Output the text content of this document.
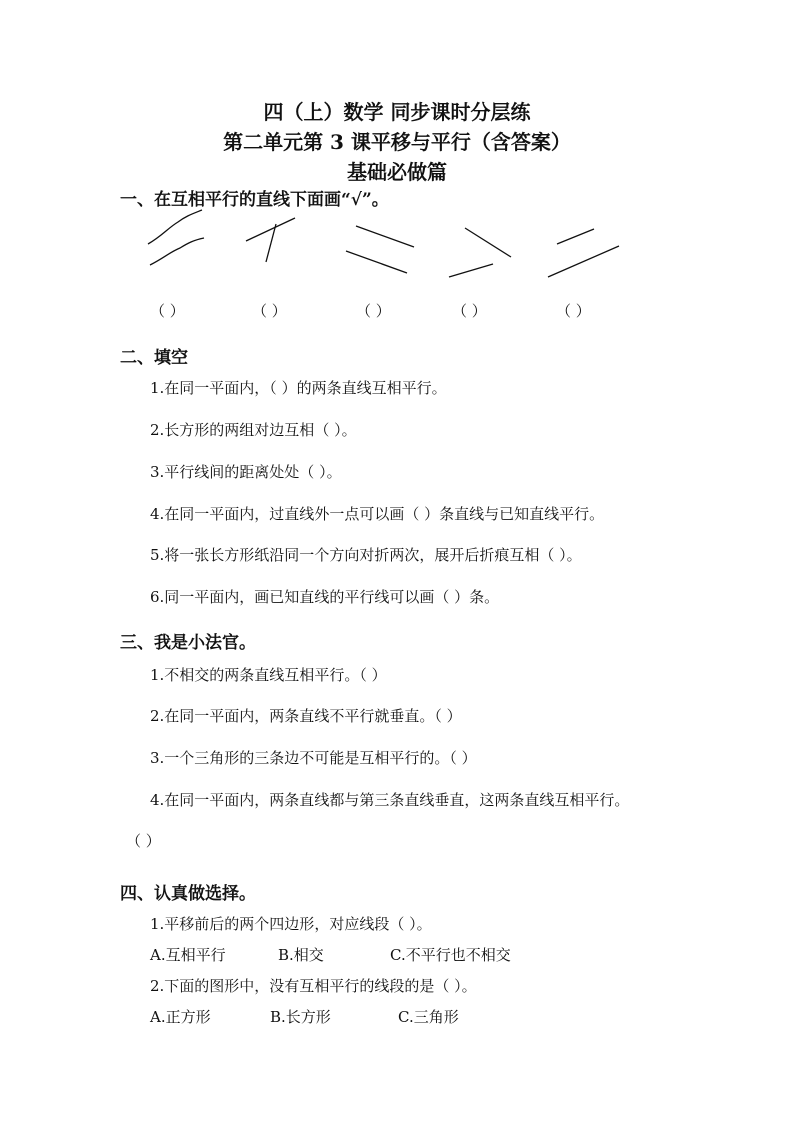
四（上）数学 同步课时分层练
第二单元第 3 课平移与平行（含答案）
基础必做篇
一、在互相平行的直线下面画“√”。
（ ）	（ ）	（ ）	（ ）	（ ）
二、填空
1.在同一平面内，（ ）的两条直线互相平行。
2.长方形的两组对边互相（ ）。
3.平行线间的距离处处（ ）。
4.在同一平面内，过直线外一点可以画（ ）条直线与已知直线平行。
5.将一张长方形纸沿同一个方向对折两次，展开后折痕互相（ ）。
6.同一平面内，画已知直线的平行线可以画（ ）条。
三、我是小法官。
1.不相交的两条直线互相平行。（ ）
2.在同一平面内，两条直线不平行就垂直。（ ）
3.一个三角形的三条边不可能是互相平行的。（ ）
4.在同一平面内，两条直线都与第三条直线垂直，这两条直线互相平行。
（ ）
四、认真做选择。
1.平移前后的两个四边形，对应线段（ ）。
A.互相平行	B.相交	C.不平行也不相交
2.下面的图形中，没有互相平行的线段的是（ ）。
A.正方形	B.长方形	C.三角形
